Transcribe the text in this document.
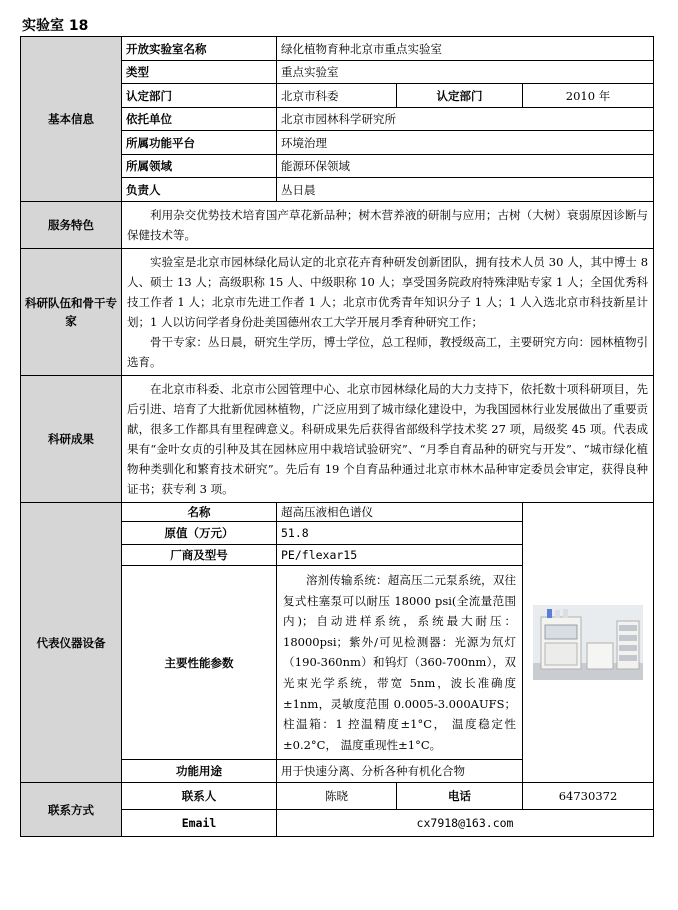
实验室 18
基本信息	开放实验室名称	绿化植物育种北京市重点实验室		
	类型	重点实验室		
	认定部门	北京市科委	认定部门	2010 年
	依托单位	北京市园林科学研究所		
	所属功能平台	环境治理		
	所属领域	能源环保领域		
	负责人	丛日晨		
服务特色	利用杂交优势技术培育国产草花新品种；树木营养液的研制与应用；古树（大树）衰弱原因诊断与保健技术等。			

科研队伍和骨干专家	实验室是北京市园林绿化局认定的北京花卉育种研发创新团队，拥有技术人员 30 人，其中博士 8 人、硕士 13 人；高级职称 15 人、中级职称 10 人；享受国务院政府特殊津贴专家 1 人；全国优秀科技工作者 1 人；北京市先进工作者 1 人；北京市优秀青年知识分子 1 人；1 人入选北京市科技新星计划；1 人以访问学者身份赴美国德州农工大学开展月季育种研究工作；

骨干专家：丛日晨，研究生学历，博士学位，总工程师，教授级高工，主要研究方向：园林植物引选育。			

科研成果	在北京市科委、北京市公园管理中心、北京市园林绿化局的大力支持下，依托数十项科研项目，先后引进、培育了大批新优园林植物，广泛应用到了城市绿化建设中，为我国园林行业发展做出了重要贡献，很多工作都具有里程碑意义。科研成果先后获得省部级科学技术奖 27 项，局级奖 45 项。代表成果有“金叶女贞的引种及其在园林应用中栽培试验研究”、“月季自育品种的研究与开发”、“城市绿化植物种类驯化和繁育技术研究”。先后有 19 个自育品种通过北京市林木品种审定委员会审定，获得良种证书；获专利 3 项。			

代表仪器设备	名称	超高压液相色谱仪	

	原值（万元）	51.8		
	厂商及型号	PE/flexar15		
	主要性能参数	溶剂传输系统：超高压二元泵系统，双往复式柱塞泵可以耐压 18000 psi(全流量范围内)；自动进样系统，系统最大耐压：18000psi；紫外/可见检测器：光源为氘灯（190-360nm）和钨灯（360-700nm），双光束光学系统，带宽 5nm，波长准确度±1nm，灵敏度范围 0.0005-3.000AUFS；柱温箱：1 控温精度±1°C， 温度稳定性±0.2°C， 温度重现性±1°C。		

	功能用途	用于快速分离、分析各种有机化合物		
联系方式	联系人	陈晓	电话	64730372
	Email	cx7918@163.com		
